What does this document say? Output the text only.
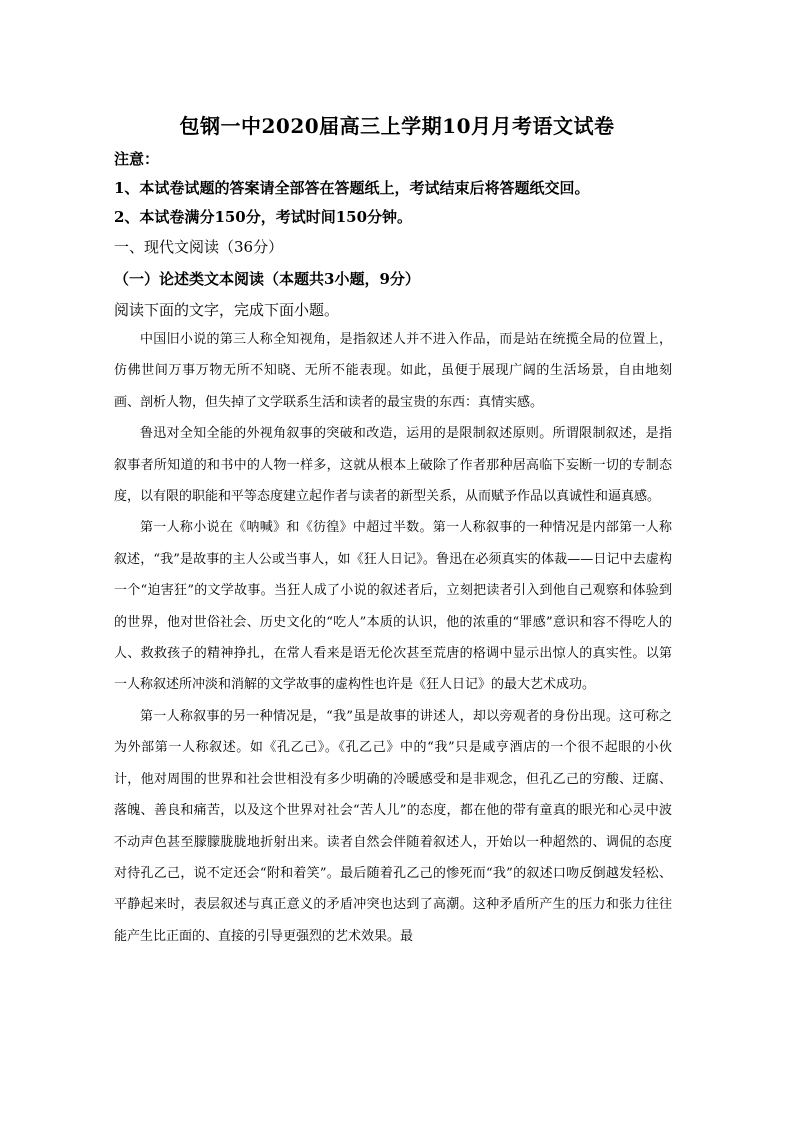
包钢一中2020届高三上学期10月月考语文试卷
注意：
1、本试卷试题的答案请全部答在答题纸上，考试结束后将答题纸交回。
2、本试卷满分150分，考试时间150分钟。
一、现代文阅读（36分）
（一）论述类文本阅读（本题共3小题，9分）
阅读下面的文字，完成下面小题。

中国旧小说的第三人称全知视角，是指叙述人并不进入作品，而是站在统揽全局的位置上，仿佛世间万事万物无所不知晓、无所不能表现。如此，虽便于展现广阔的生活场景，自由地刻画、剖析人物，但失掉了文学联系生活和读者的最宝贵的东西：真情实感。

鲁迅对全知全能的外视角叙事的突破和改造，运用的是限制叙述原则。所谓限制叙述，是指叙事者所知道的和书中的人物一样多，这就从根本上破除了作者那种居高临下妄断一切的专制态度，以有限的职能和平等态度建立起作者与读者的新型关系，从而赋予作品以真诚性和逼真感。

第一人称小说在《呐喊》和《彷徨》中超过半数。第一人称叙事的一种情况是内部第一人称叙述，“我”是故事的主人公或当事人，如《狂人日记》。鲁迅在必须真实的体裁——日记中去虚构一个“迫害狂”的文学故事。当狂人成了小说的叙述者后，立刻把读者引入到他自己观察和体验到的世界，他对世俗社会、历史文化的“吃人”本质的认识，他的浓重的“罪感”意识和容不得吃人的人、救救孩子的精神挣扎，在常人看来是语无伦次甚至荒唐的格调中显示出惊人的真实性。以第一人称叙述所冲淡和消解的文学故事的虚构性也许是《狂人日记》的最大艺术成功。

第一人称叙事的另一种情况是，“我”虽是故事的讲述人，却以旁观者的身份出现。这可称之为外部第一人称叙述。如《孔乙己》。《孔乙己》中的“我”只是咸亨酒店的一个很不起眼的小伙计，他对周围的世界和社会世相没有多少明确的冷暖感受和是非观念，但孔乙己的穷酸、迂腐、落魄、善良和痛苦，以及这个世界对社会“苦人儿”的态度，都在他的带有童真的眼光和心灵中波不动声色甚至朦朦胧胧地折射出来。读者自然会伴随着叙述人，开始以一种超然的、调侃的态度对待孔乙己，说不定还会“附和着笑”。最后随着孔乙己的惨死而“我”的叙述口吻反倒越发轻松、平静起来时，表层叙述与真正意义的矛盾冲突也达到了高潮。这种矛盾所产生的压力和张力往往能产生比正面的、直接的引导更强烈的艺术效果。最
